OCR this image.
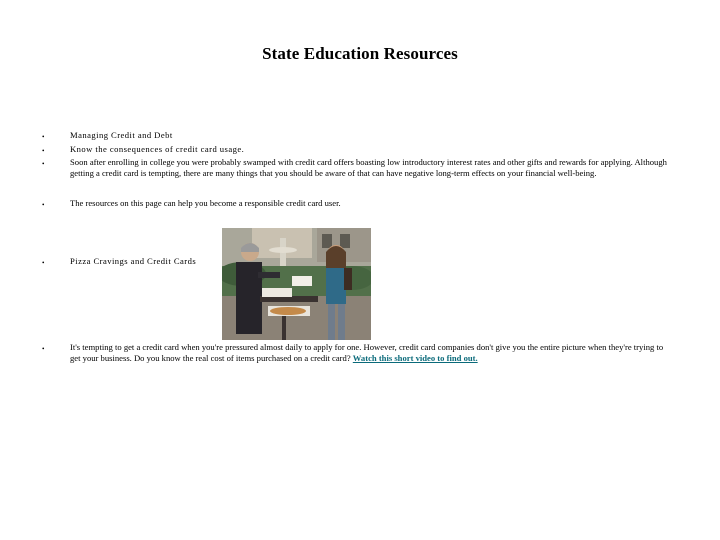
State Education Resources
•	Managing Credit and Debt
•	Know the consequences of credit card usage.
•	Soon after enrolling in college you were probably swamped with credit card offers boasting low introductory interest rates and other gifts and rewards for applying. Although getting a credit card is tempting, there are many things that you should be aware of that can have negative long-term effects on your financial well-being.
•	The resources on this page can help you become a responsible credit card user.
•	Pizza Cravings and Credit Cards
•	It's tempting to get a credit card when you're pressured almost daily to apply for one. However, credit card companies don't give you the entire picture when they're trying to get your business. Do you know the real cost of items purchased on a credit card? Watch this short video to find out.
